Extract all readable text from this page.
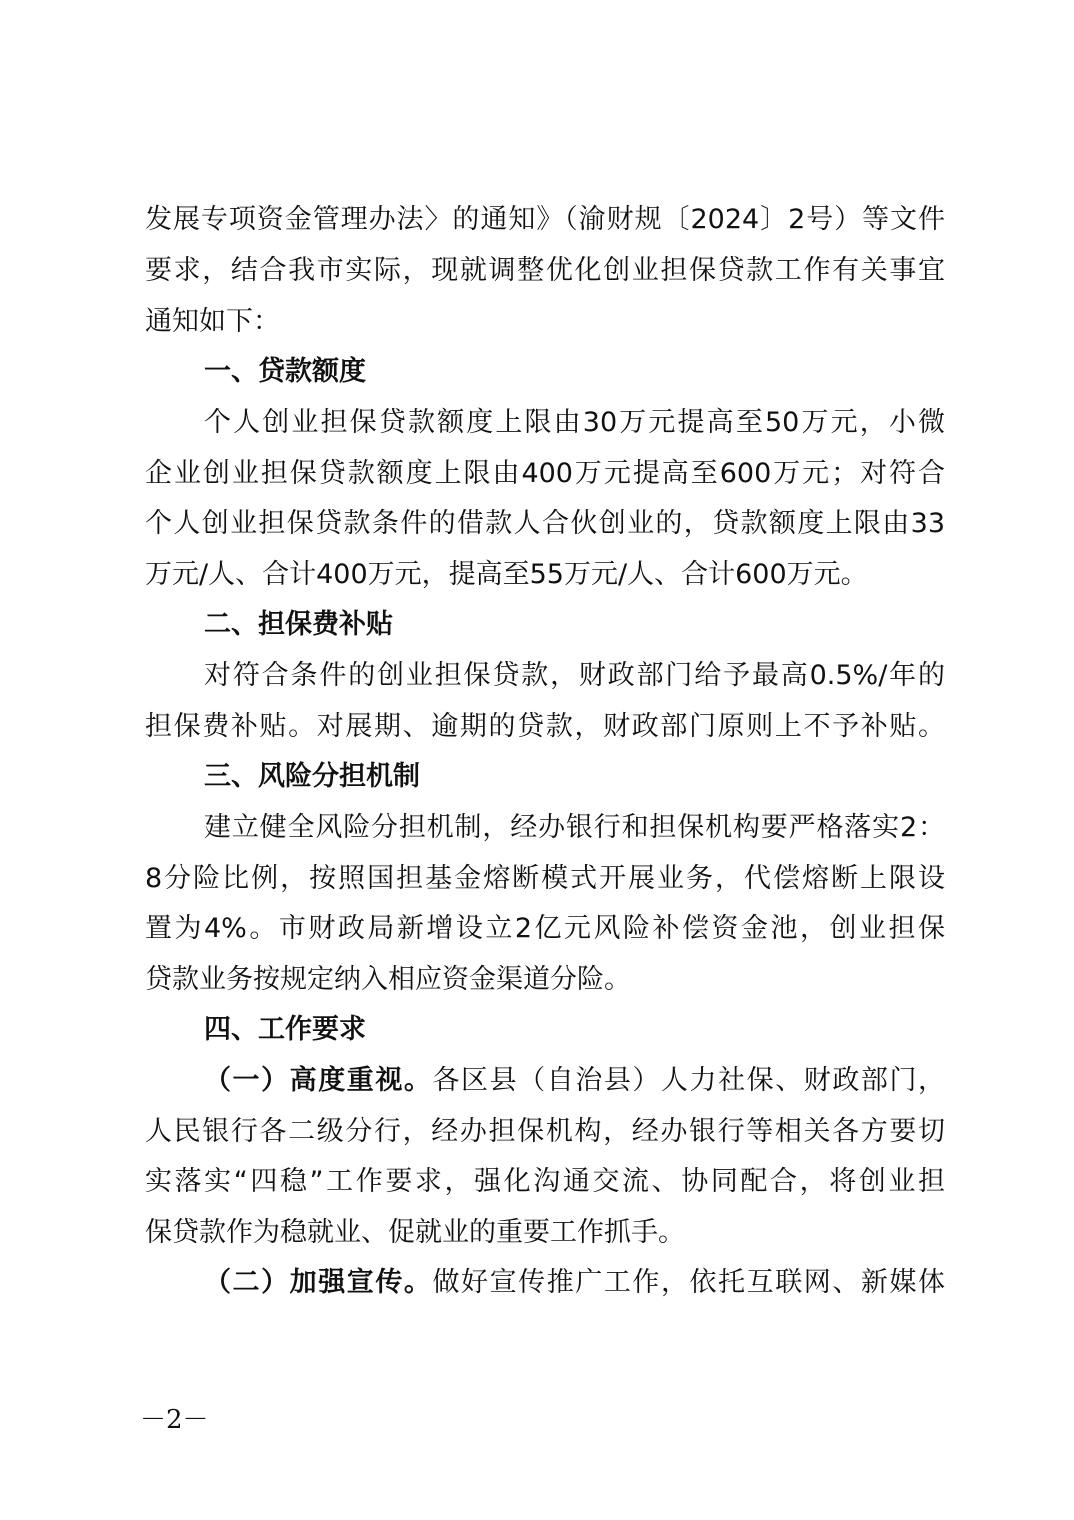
发展专项资金管理办法〉的通知》（渝财规〔2024〕2号）等文件
要求，结合我市实际，现就调整优化创业担保贷款工作有关事宜
通知如下：
一、贷款额度
个人创业担保贷款额度上限由30万元提高至50万元，小微
企业创业担保贷款额度上限由400万元提高至600万元；对符合
个人创业担保贷款条件的借款人合伙创业的，贷款额度上限由33
万元/人、合计400万元，提高至55万元/人、合计600万元。
二、担保费补贴
对符合条件的创业担保贷款，财政部门给予最高0.5%/年的
担保费补贴。对展期、逾期的贷款，财政部门原则上不予补贴。
三、风险分担机制
建立健全风险分担机制，经办银行和担保机构要严格落实2：
8分险比例，按照国担基金熔断模式开展业务，代偿熔断上限设
置为4%。市财政局新增设立2亿元风险补偿资金池，创业担保
贷款业务按规定纳入相应资金渠道分险。
四、工作要求
（一）高度重视。各区县（自治县）人力社保、财政部门，
人民银行各二级分行，经办担保机构，经办银行等相关各方要切
实落实“四稳”工作要求，强化沟通交流、协同配合，将创业担
保贷款作为稳就业、促就业的重要工作抓手。
（二）加强宣传。做好宣传推广工作，依托互联网、新媒体
－2－
